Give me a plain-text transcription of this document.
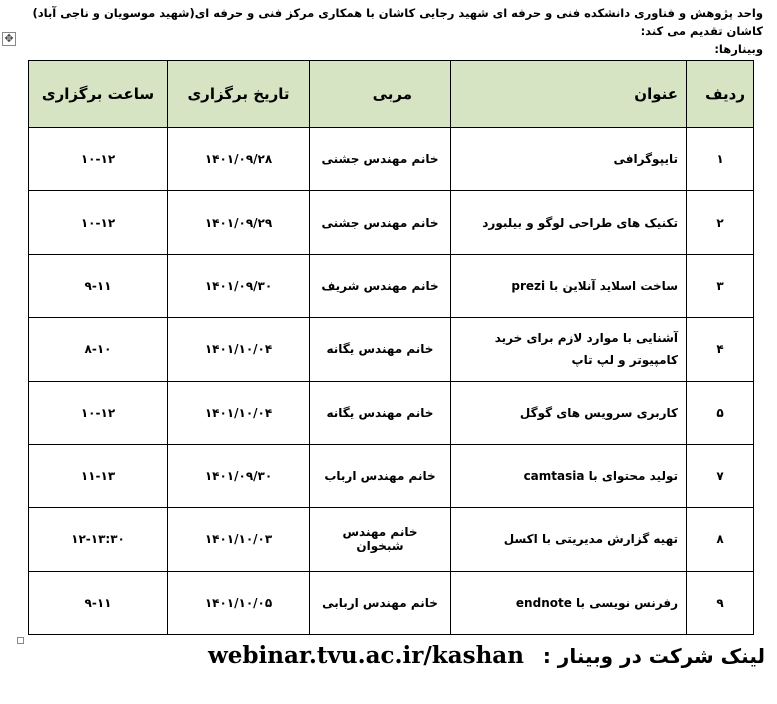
واحد پژوهش و فناوری دانشکده فنی و حرفه ای شهید رجایی کاشان با همکاری مرکز فنی و حرفه ای(شهید موسویان و ناجی آباد) کاشان تقدیم می کند:
وبینارها:
✥
ردیف	عنوان	مربی	تاریخ برگزاری	ساعت برگزاری
۱	تایپوگرافی	خانم مهندس جشنی	۱۴۰۱/۰۹/۲۸	۱۰-۱۲
۲	تکنیک های طراحی لوگو و بیلبورد	خانم مهندس جشنی	۱۴۰۱/۰۹/۲۹	۱۰-۱۲
۳	ساخت اسلاید آنلاین با prezi	خانم مهندس شریف	۱۴۰۱/۰۹/۳۰	۹-۱۱
۴	آشنایی با موارد لازم برای خرید کامپیوتر و لپ تاپ	خانم مهندس یگانه	۱۴۰۱/۱۰/۰۴	۸-۱۰
۵	کاربری سرویس های گوگل	خانم مهندس یگانه	۱۴۰۱/۱۰/۰۴	۱۰-۱۲
۷	تولید محتوای با camtasia	خانم مهندس ارباب	۱۴۰۱/۰۹/۳۰	۱۱-۱۳
۸	تهیه گزارش مدیریتی با اکسل	خانم مهندس شبخوان	۱۴۰۱/۱۰/۰۳	۱۲-۱۳:۳۰
۹	رفرنس نویسی با endnote	خانم مهندس اربابی	۱۴۰۱/۱۰/۰۵	۹-۱۱
لینک شرکت در وبینار :
webinar.tvu.ac.ir/kashan
